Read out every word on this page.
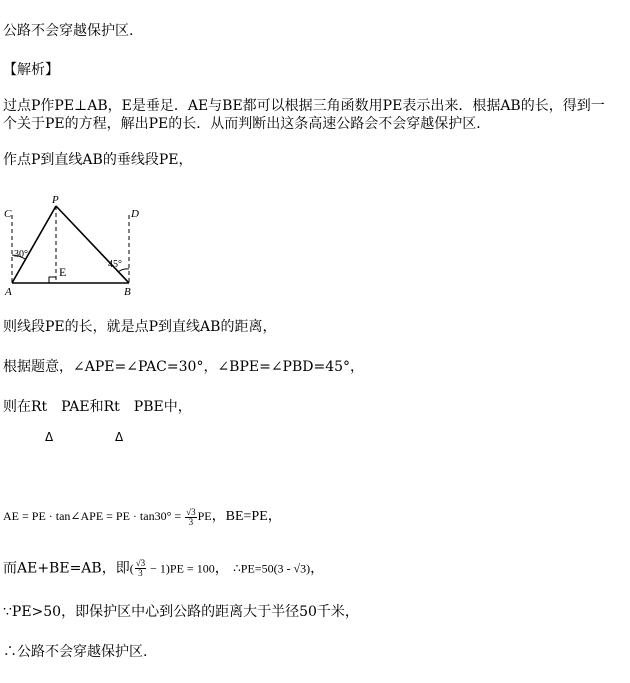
公路不会穿越保护区.
【解析】
过点P作PE⊥AB，E是垂足．AE与BE都可以根据三角函数用PE表示出来．根据AB的长，得到一
个关于PE的方程，解出PE的长．从而判断出这条高速公路会不会穿越保护区．
作点P到直线AB的垂线段PE，
C
P
D
A	B
E
30°
45°
则线段PE的长，就是点P到直线AB的距离，
根据题意，∠APE=∠PAC=30°，∠BPE=∠PBD=45°，
则在Rt　PAE和Rt　PBE中，
Δ	Δ
AE = PE · tan∠APE = PE · $\tan 30^\circ = \frac{√3}{3}$ PE，BE=PE，
而AE+BE=AB，即( $\frac{√3}{3} - 1)PE = 100$， ∴PE=50(3 - √3)，
∵PE>50，即保护区中心到公路的距离大于半径50千米，
∴公路不会穿越保护区.
